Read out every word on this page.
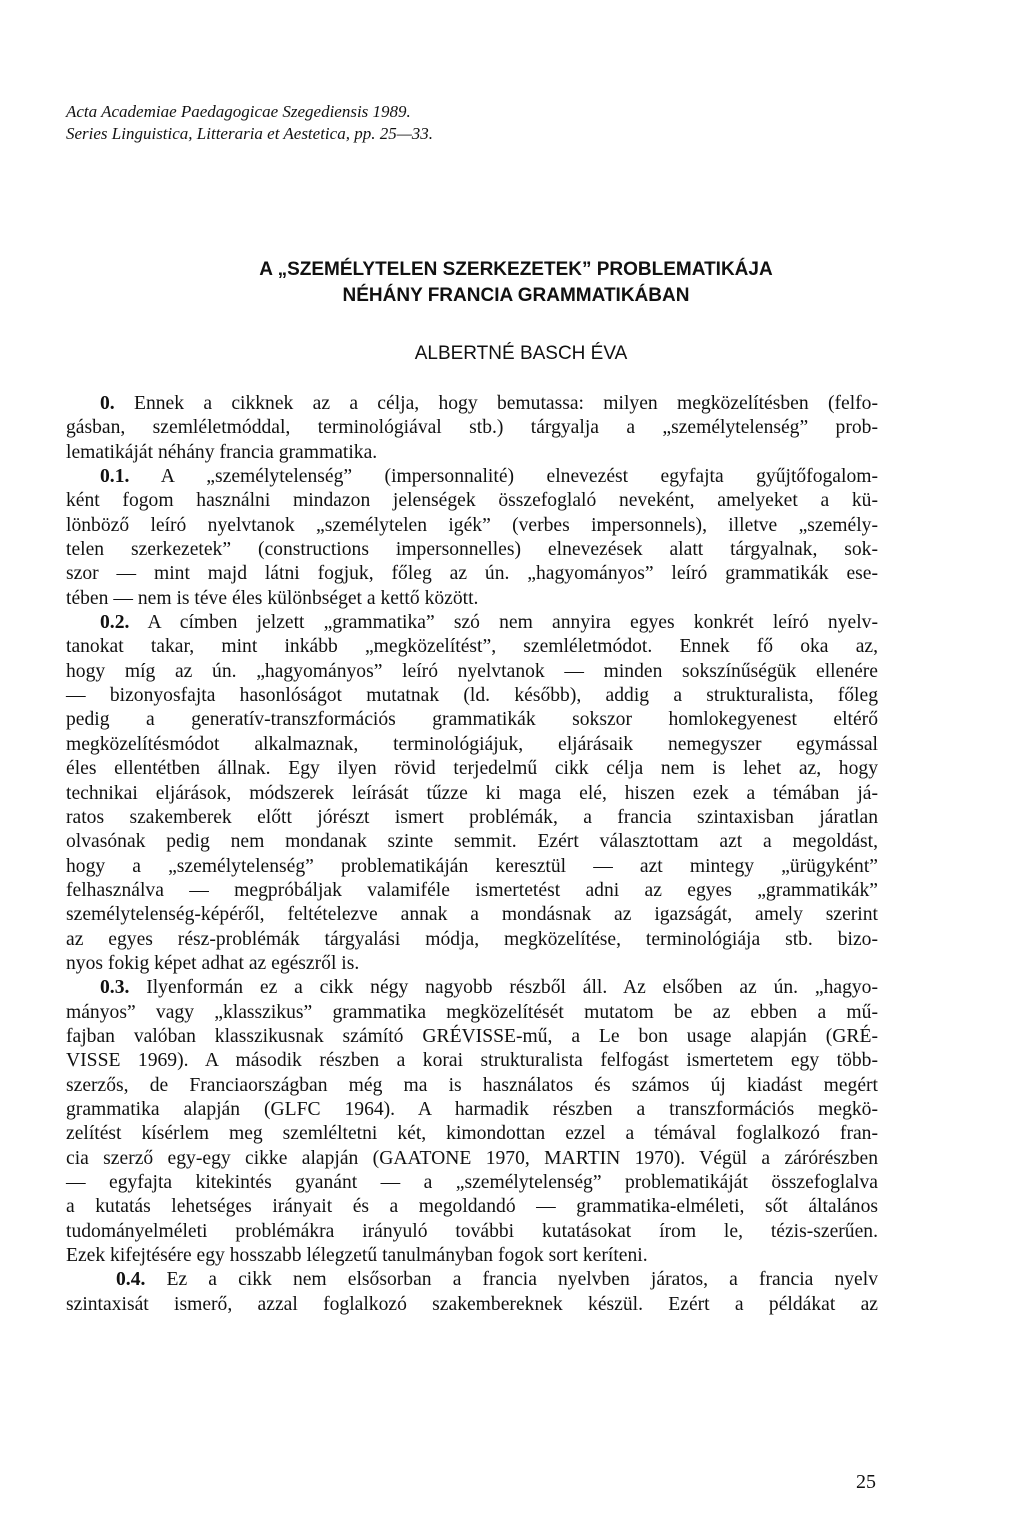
Acta Academiae Paedagogicae Szegediensis 1989.
Series Linguistica, Litteraria et Aestetica, pp. 25—33.
A „SZEMÉLYTELEN SZERKEZETEK” PROBLEMATIKÁJA
NÉHÁNY FRANCIA GRAMMATIKÁBAN
ALBERTNÉ BASCH ÉVA
0. Ennek a cikknek az a célja, hogy bemutassa: milyen megközelítésben (felfo-
gásban, szemléletmóddal, terminológiával stb.) tárgyalja a „személytelenség” prob-
lematikáját néhány francia grammatika.
0.1. A „személytelenség” (impersonnalité) elnevezést egyfajta gyűjtőfogalom-
ként fogom használni mindazon jelenségek összefoglaló neveként, amelyeket a kü-
lönböző leíró nyelvtanok „személytelen igék” (verbes impersonnels), illetve „személy-
telen szerkezetek” (constructions impersonnelles) elnevezések alatt tárgyalnak, sok-
szor — mint majd látni fogjuk, főleg az ún. „hagyományos” leíró grammatikák ese-
tében — nem is téve éles különbséget a kettő között.
0.2. A címben jelzett „grammatika” szó nem annyira egyes konkrét leíró nyelv-
tanokat takar, mint inkább „megközelítést”, szemléletmódot. Ennek fő oka az,
hogy míg az ún. „hagyományos” leíró nyelvtanok — minden sokszínűségük ellenére
— bizonyosfajta hasonlóságot mutatnak (ld. később), addig a strukturalista, főleg
pedig a generatív-transzformációs grammatikák sokszor homlokegyenest eltérő
megközelítésmódot alkalmaznak, terminológiájuk, eljárásaik nemegyszer egymással
éles ellentétben állnak. Egy ilyen rövid terjedelmű cikk célja nem is lehet az, hogy
technikai eljárások, módszerek leírását tűzze ki maga elé, hiszen ezek a témában já-
ratos szakemberek előtt jórészt ismert problémák, a francia szintaxisban járatlan
olvasónak pedig nem mondanak szinte semmit. Ezért választottam azt a megoldást,
hogy a „személytelenség” problematikáján keresztül — azt mintegy „ürügyként”
felhasználva — megpróbáljak valamiféle ismertetést adni az egyes „grammatikák”
személytelenség-képéről, feltételezve annak a mondásnak az igazságát, amely szerint
az egyes rész-problémák tárgyalási módja, megközelítése, terminológiája stb. bizo-
nyos fokig képet adhat az egészről is.
0.3. Ilyenformán ez a cikk négy nagyobb részből áll. Az elsőben az ún. „hagyo-
mányos” vagy „klasszikus” grammatika megközelítését mutatom be az ebben a mű-
fajban valóban klasszikusnak számító GRÉVISSE-mű, a Le bon usage alapján (GRÉ-
VISSE 1969). A második részben a korai strukturalista felfogást ismertetem egy több-
szerzős, de Franciaországban még ma is használatos és számos új kiadást megért
grammatika alapján (GLFC 1964). A harmadik részben a transzformációs megkö-
zelítést kísérlem meg szemléltetni két, kimondottan ezzel a témával foglalkozó fran-
cia szerző egy-egy cikke alapján (GAATONE 1970, MARTIN 1970). Végül a zárórészben
— egyfajta kitekintés gyanánt — a „személytelenség” problematikáját összefoglalva
a kutatás lehetséges irányait és a megoldandó — grammatika-elméleti, sőt általános
tudományelméleti problémákra irányuló további kutatásokat írom le, tézis-szerűen.
Ezek kifejtésére egy hosszabb lélegzetű tanulmányban fogok sort keríteni.
0.4. Ez a cikk nem elsősorban a francia nyelvben járatos, a francia nyelv
szintaxisát ismerő, azzal foglalkozó szakembereknek készül. Ezért a példákat az
25
